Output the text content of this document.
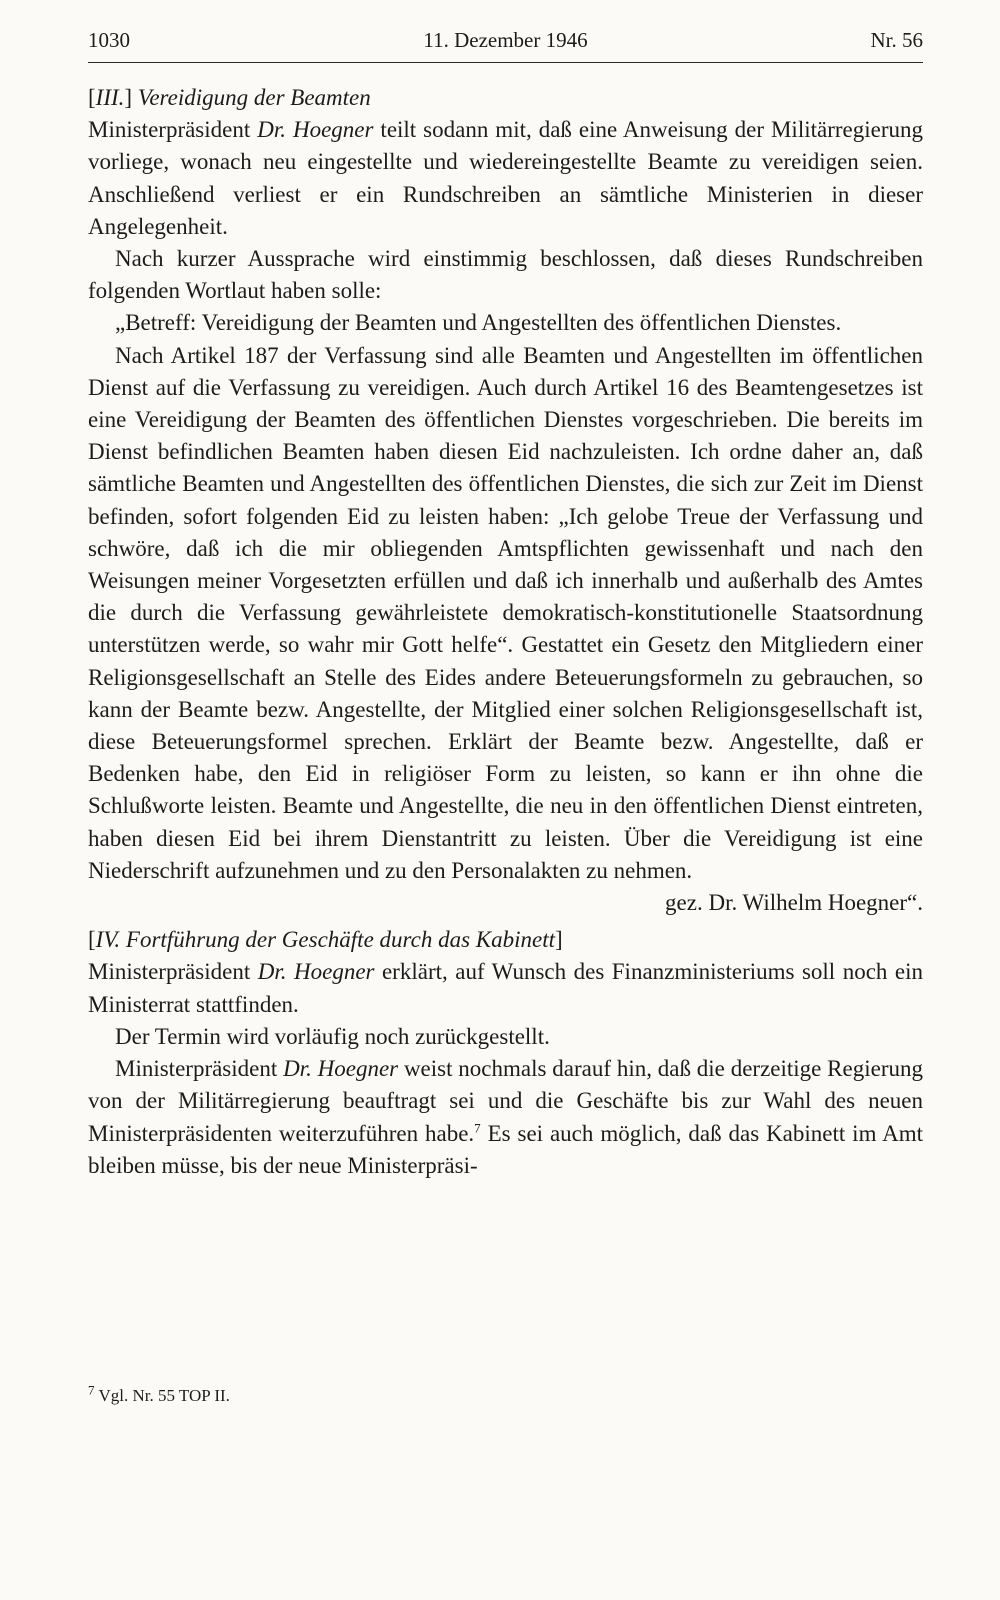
1030	11. Dezember 1946	Nr. 56

[III.] Vereidigung der Beamten

Ministerpräsident Dr. Hoegner teilt sodann mit, daß eine Anweisung der Militärregierung vorliege, wonach neu eingestellte und wiedereingestellte Beamte zu vereidigen seien. Anschließend verliest er ein Rundschreiben an sämtliche Ministerien in dieser Angelegenheit.

Nach kurzer Aussprache wird einstimmig beschlossen, daß dieses Rundschreiben folgenden Wortlaut haben solle:

„Betreff: Vereidigung der Beamten und Angestellten des öffentlichen Dienstes.

Nach Artikel 187 der Verfassung sind alle Beamten und Angestellten im öffentlichen Dienst auf die Verfassung zu vereidigen. Auch durch Artikel 16 des Beamtengesetzes ist eine Vereidigung der Beamten des öffentlichen Dienstes vorgeschrieben. Die bereits im Dienst befindlichen Beamten haben diesen Eid nachzuleisten. Ich ordne daher an, daß sämtliche Beamten und Angestellten des öffentlichen Dienstes, die sich zur Zeit im Dienst befinden, sofort folgenden Eid zu leisten haben: „Ich gelobe Treue der Verfassung und schwöre, daß ich die mir obliegenden Amtspflichten gewissenhaft und nach den Weisungen meiner Vorgesetzten erfüllen und daß ich innerhalb und außerhalb des Amtes die durch die Verfassung gewährleistete demokratisch-konstitutionelle Staatsordnung unterstützen werde, so wahr mir Gott helfe“. Gestattet ein Gesetz den Mitgliedern einer Religionsgesellschaft an Stelle des Eides andere Beteuerungsformeln zu gebrauchen, so kann der Beamte bezw. Angestellte, der Mitglied einer solchen Religionsgesellschaft ist, diese Beteuerungsformel sprechen. Erklärt der Beamte bezw. Angestellte, daß er Bedenken habe, den Eid in religiöser Form zu leisten, so kann er ihn ohne die Schlußworte leisten. Beamte und Angestellte, die neu in den öffentlichen Dienst eintreten, haben diesen Eid bei ihrem Dienstantritt zu leisten. Über die Vereidigung ist eine Niederschrift aufzunehmen und zu den Personalakten zu nehmen.

gez. Dr. Wilhelm Hoegner“.

[IV. Fortführung der Geschäfte durch das Kabinett]

Ministerpräsident Dr. Hoegner erklärt, auf Wunsch des Finanzministeriums soll noch ein Ministerrat stattfinden.

Der Termin wird vorläufig noch zurückgestellt.

Ministerpräsident Dr. Hoegner weist nochmals darauf hin, daß die derzeitige Regierung von der Militärregierung beauftragt sei und die Geschäfte bis zur Wahl des neuen Ministerpräsidenten weiterzuführen habe.$^7$ Es sei auch möglich, daß das Kabinett im Amt bleiben müsse, bis der neue Ministerpräsi-

$^7$ Vgl. Nr. 55 TOP II.
